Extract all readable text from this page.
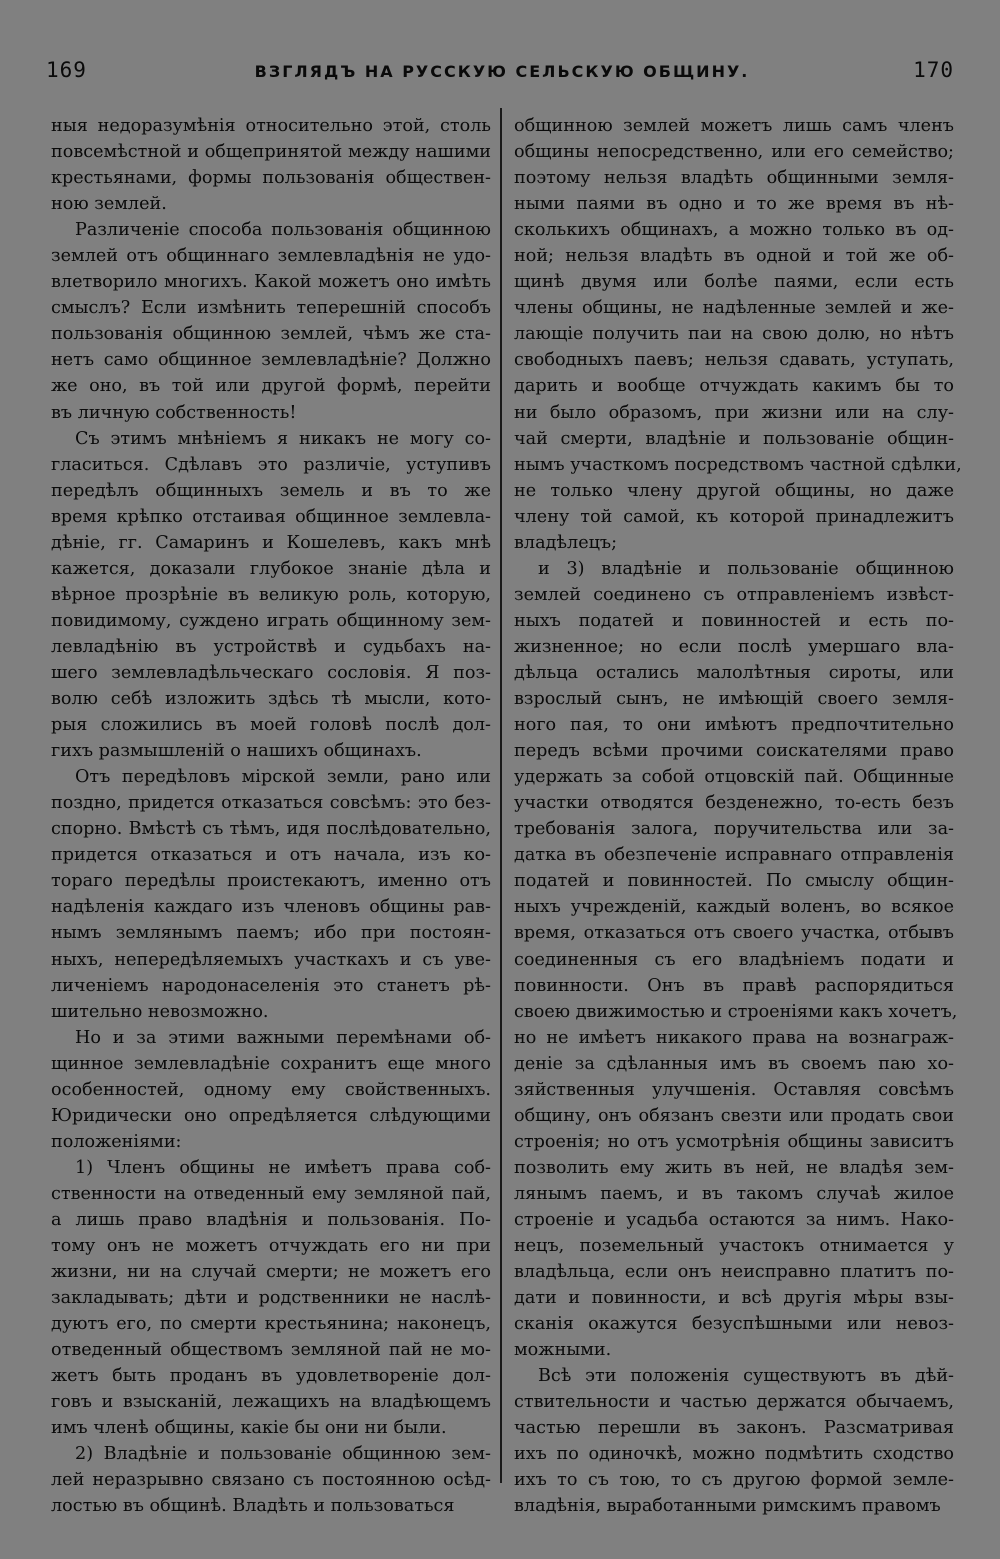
169	ВЗГЛЯДЪ НА РУССКУЮ СЕЛЬСКУЮ ОБЩИНУ.	170
ныя недоразумѣнія относительно этой, столь
повсемѣстной и общепринятой между нашими
крестьянами, формы пользованія обществен-
ною землей.
Различеніе способа пользованія общинною
землей отъ общиннаго землевладѣнія не удо-
влетворило многихъ. Какой можетъ оно имѣть
смыслъ? Если измѣнить теперешній способъ
пользованія общинною землей, чѣмъ же ста-
нетъ само общинное землевладѣніе? Должно
же оно, въ той или другой формѣ, перейти
въ личную собственность!
Съ этимъ мнѣніемъ я никакъ не могу со-
гласиться. Сдѣлавъ это различіе, уступивъ
передѣлъ общинныхъ земель и въ то же
время крѣпко отстаивая общинное землевла-
дѣніе, гг. Самаринъ и Кошелевъ, какъ мнѣ
кажется, доказали глубокое знаніе дѣла и
вѣрное прозрѣніе въ великую роль, которую,
повидимому, суждено играть общинному зем-
левладѣнію въ устройствѣ и судьбахъ на-
шего землевладѣльческаго сословія. Я поз-
волю себѣ изложить здѣсь тѣ мысли, кото-
рыя сложились въ моей головѣ послѣ дол-
гихъ размышленій о нашихъ общинахъ.
Отъ передѣловъ мірской земли, рано или
поздно, придется отказаться совсѣмъ: это без-
спорно. Вмѣстѣ съ тѣмъ, идя послѣдовательно,
придется отказаться и отъ начала, изъ ко-
тораго передѣлы проистекаютъ, именно отъ
надѣленія каждаго изъ членовъ общины рав-
нымъ землянымъ паемъ; ибо при постоян-
ныхъ, непередѣляемыхъ участкахъ и съ уве-
личеніемъ народонаселенія это станетъ рѣ-
шительно невозможно.
Но и за этими важными перемѣнами об-
щинное землевладѣніе сохранитъ еще много
особенностей, одному ему свойственныхъ.
Юридически оно опредѣляется слѣдующими
положеніями:
1) Членъ общины не имѣетъ права соб-
ственности на отведенный ему земляной пай,
а лишь право владѣнія и пользованія. По-
тому онъ не можетъ отчуждать его ни при
жизни, ни на случай смерти; не можетъ его
закладывать; дѣти и родственники не наслѣ-
дуютъ его, по смерти крестьянина; наконецъ,
отведенный обществомъ земляной пай не мо-
жетъ быть проданъ въ удовлетвореніе дол-
говъ и взысканій, лежащихъ на владѣющемъ
имъ членѣ общины, какіе бы они ни были.
2) Владѣніе и пользованіе общинною зем-
лей неразрывно связано съ постоянною осѣд-
лостью въ общинѣ. Владѣть и пользоваться
общинною землей можетъ лишь самъ членъ
общины непосредственно, или его семейство;
поэтому нельзя владѣть общинными земля-
ными паями въ одно и то же время въ нѣ-
сколькихъ общинахъ, а можно только въ од-
ной; нельзя владѣть въ одной и той же об-
щинѣ двумя или болѣе паями, если есть
члены общины, не надѣленные землей и же-
лающіе получить паи на свою долю, но нѣтъ
свободныхъ паевъ; нельзя сдавать, уступать,
дарить и вообще отчуждать какимъ бы то
ни было образомъ, при жизни или на слу-
чай смерти, владѣніе и пользованіе общин-
нымъ участкомъ посредствомъ частной сдѣлки,
не только члену другой общины, но даже
члену той самой, къ которой принадлежитъ
владѣлецъ;
и 3) владѣніе и пользованіе общинною
землей соединено съ отправленіемъ извѣст-
ныхъ податей и повинностей и есть по-
жизненное; но если послѣ умершаго вла-
дѣльца остались малолѣтныя сироты, или
взрослый сынъ, не имѣющій своего земля-
ного пая, то они имѣютъ предпочтительно
передъ всѣми прочими соискателями право
удержать за собой отцовскій пай. Общинные
участки отводятся безденежно, то-есть безъ
требованія залога, поручительства или за-
датка въ обезпеченіе исправнаго отправленія
податей и повинностей. По смыслу общин-
ныхъ учрежденій, каждый воленъ, во всякое
время, отказаться отъ своего участка, отбывъ
соединенныя съ его владѣніемъ подати и
повинности. Онъ въ правѣ распорядиться
своею движимостью и строеніями какъ хочетъ,
но не имѣетъ никакого права на вознаграж-
деніе за сдѣланныя имъ въ своемъ паю хо-
зяйственныя улучшенія. Оставляя совсѣмъ
общину, онъ обязанъ свезти или продать свои
строенія; но отъ усмотрѣнія общины зависитъ
позволить ему жить въ ней, не владѣя зем-
лянымъ паемъ, и въ такомъ случаѣ жилое
строеніе и усадьба остаются за нимъ. Нако-
нецъ, поземельный участокъ отнимается у
владѣльца, если онъ неисправно платитъ по-
дати и повинности, и всѣ другія мѣры взы-
сканія окажутся безуспѣшными или невоз-
можными.
Всѣ эти положенія существуютъ въ дѣй-
ствительности и частью держатся обычаемъ,
частью перешли въ законъ. Разсматривая
ихъ по одиночкѣ, можно подмѣтить сходство
ихъ то съ тою, то съ другою формой земле-
владѣнія, выработанными римскимъ правомъ
